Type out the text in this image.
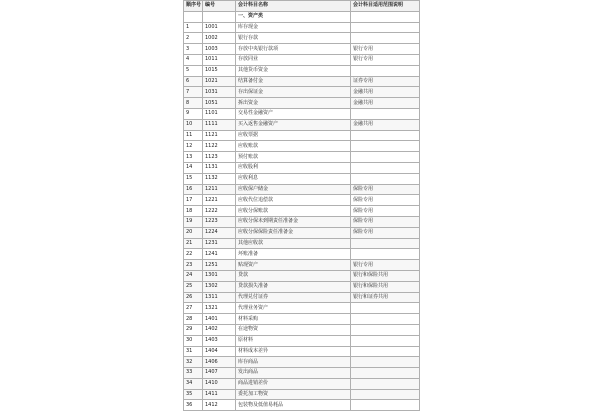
顺序号	编号	会计科目名称	会计科目适用范围说明
		一、资产类	
1	1001	库存现金	
2	1002	银行存款	
3	1003	存放中央银行款项	银行专用
4	1011	存放同业	银行专用
5	1015	其他货币资金	
6	1021	结算备付金	证券专用
7	1031	存出保证金	金融共用
8	1051	拆出资金	金融共用
9	1101	交易性金融资产	
10	1111	买入返售金融资产	金融共用
11	1121	应收票据	
12	1122	应收账款	
13	1123	预付账款	
14	1131	应收股利	
15	1132	应收利息	
16	1211	应收保户储金	保险专用
17	1221	应收代位追偿款	保险专用
18	1222	应收分保账款	保险专用
19	1223	应收分保未到期责任准备金	保险专用
20	1224	应收分保保险责任准备金	保险专用
21	1231	其他应收款	
22	1241	坏账准备	
23	1251	贴现资产	银行专用
24	1301	贷款	银行和保险共用
25	1302	贷款损失准备	银行和保险共用
26	1311	代理兑付证券	银行和证券共用
27	1321	代理业务资产	
28	1401	材料采购	
29	1402	在途物资	
30	1403	原材料	
31	1404	材料成本差异	
32	1406	库存商品	
33	1407	发出商品	
34	1410	商品进销差价	
35	1411	委托加工物资	
36	1412	包装物及低值易耗品	
